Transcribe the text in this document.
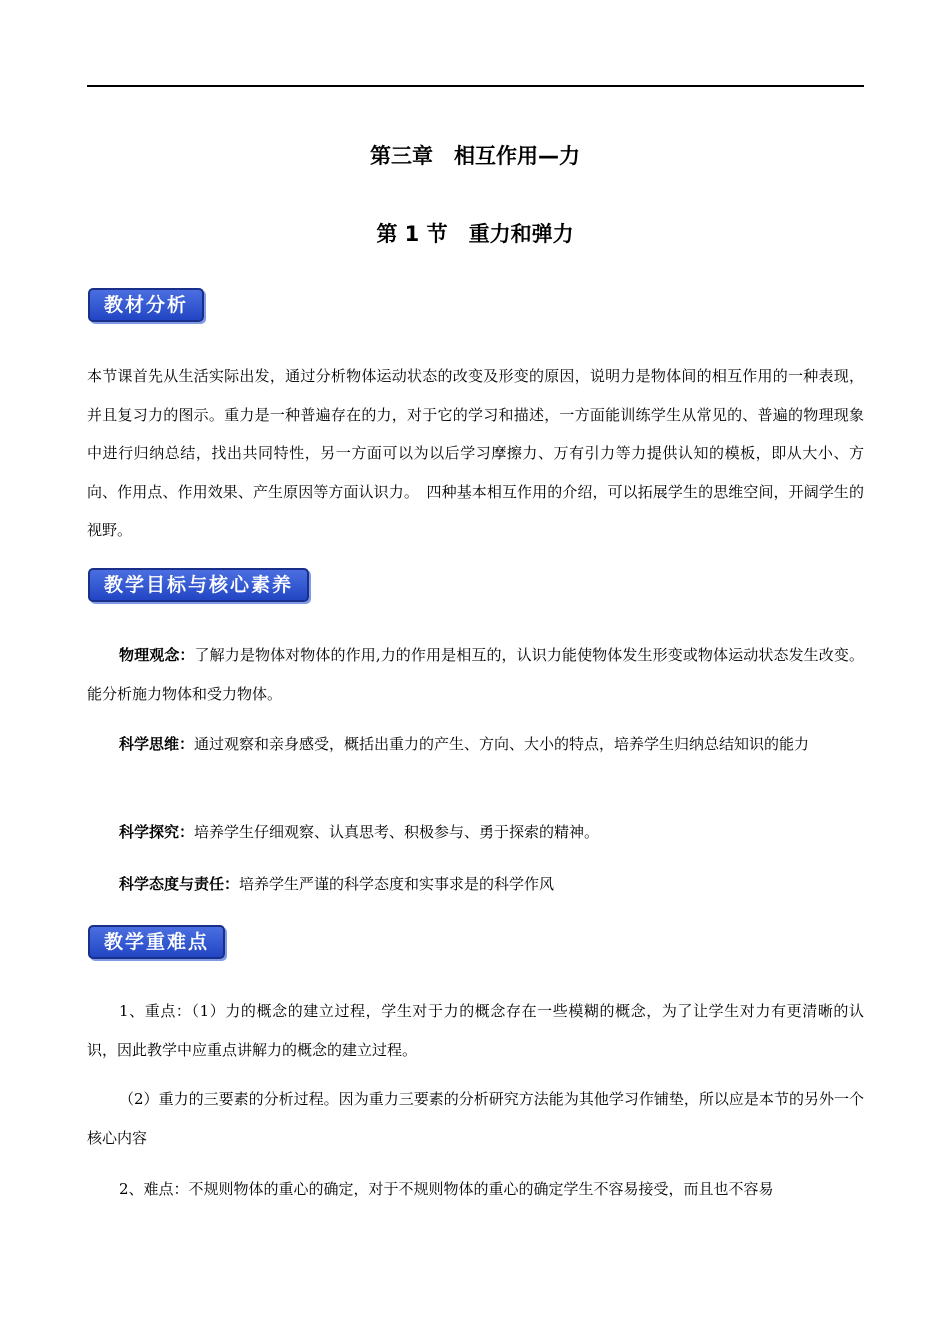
第三章　相互作用—力
第 1 节　重力和弹力
教材分析

本节课首先从生活实际出发，通过分析物体运动状态的改变及形变的原因，说明力是物体间的相互作用的一种表现，并且复习力的图示。重力是一种普遍存在的力，对于它的学习和描述，一方面能训练学生从常见的、普遍的物理现象中进行归纳总结，找出共同特性，另一方面可以为以后学习摩擦力、万有引力等力提供认知的模板，即从大小、方向、作用点、作用效果、产生原因等方面认识力。　四种基本相互作用的介绍，可以拓展学生的思维空间，开阔学生的视野。

教学目标与核心素养

物理观念：了解力是物体对物体的作用,力的作用是相互的，认识力能使物体发生形变或物体运动状态发生改变。能分析施力物体和受力物体。

科学思维：通过观察和亲身感受，概括出重力的产生、方向、大小的特点，培养学生归纳总结知识的能力

科学探究：培养学生仔细观察、认真思考、积极参与、勇于探索的精神。

科学态度与责任：培养学生严谨的科学态度和实事求是的科学作风

教学重难点

1、重点：（1）力的概念的建立过程，学生对于力的概念存在一些模糊的概念，为了让学生对力有更清晰的认识，因此教学中应重点讲解力的概念的建立过程。

（2）重力的三要素的分析过程。因为重力三要素的分析研究方法能为其他学习作铺垫，所以应是本节的另外一个核心内容

2、难点：不规则物体的重心的确定，对于不规则物体的重心的确定学生不容易接受，而且也不容易
